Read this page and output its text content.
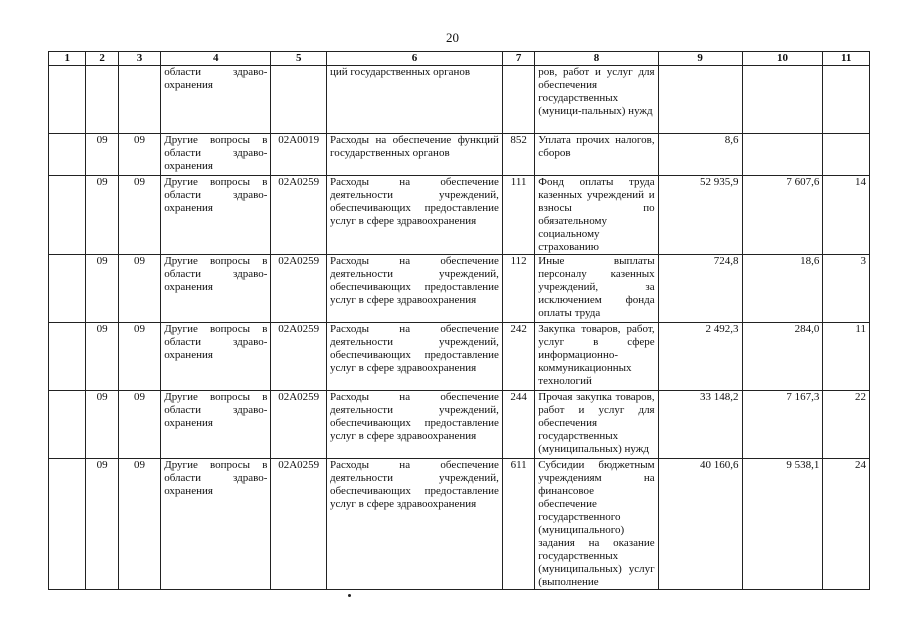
20
1	2	3	4	5	6	7	8	9	10	11
			области здраво- охранения		ций государственных органов		ров, работ и услуг для обеспечения государственных (муници-пальных) нужд			
	09	09	Другие вопросы в области здраво-охранения	02А0019	Расходы на обеспечение функций государственных органов	852	Уплата прочих налогов, сборов	8,6		
	09	09	Другие вопросы в области здраво-охранения	02А0259	Расходы на обеспечение деятельности учреждений, обеспечивающих предоставление услуг в сфере здравоохранения	111	Фонд оплаты труда казенных учреждений и взносы по обязательному социальному страхованию	52 935,9	7 607,6	14
	09	09	Другие вопросы в области здраво-охранения	02А0259	Расходы на обеспечение деятельности учреждений, обеспечивающих предоставление услуг в сфере здравоохранения	112	Иные выплаты персоналу казенных учреждений, за исключением фонда оплаты труда	724,8	18,6	3
	09	09	Другие вопросы в области здраво-охранения	02А0259	Расходы на обеспечение деятельности учреждений, обеспечивающих предоставление услуг в сфере здравоохранения	242	Закупка товаров, работ, услуг в сфере информационно-коммуникационных технологий	2 492,3	284,0	11
	09	09	Другие вопросы в области здраво-охранения	02А0259	Расходы на обеспечение деятельности учреждений, обеспечивающих предоставление услуг в сфере здравоохранения	244	Прочая закупка товаров, работ и услуг для обеспечения государственных (муниципальных) нужд	33 148,2	7 167,3	22
	09	09	Другие вопросы в области здраво-охранения	02А0259	Расходы на обеспечение деятельности учреждений, обеспечивающих предоставление услуг в сфере здравоохранения	611	Субсидии бюджетным учреждениям на финансовое обеспечение государственного (муниципального) задания на оказание государственных (муниципальных) услуг (выполнение	40 160,6	9 538,1	24
